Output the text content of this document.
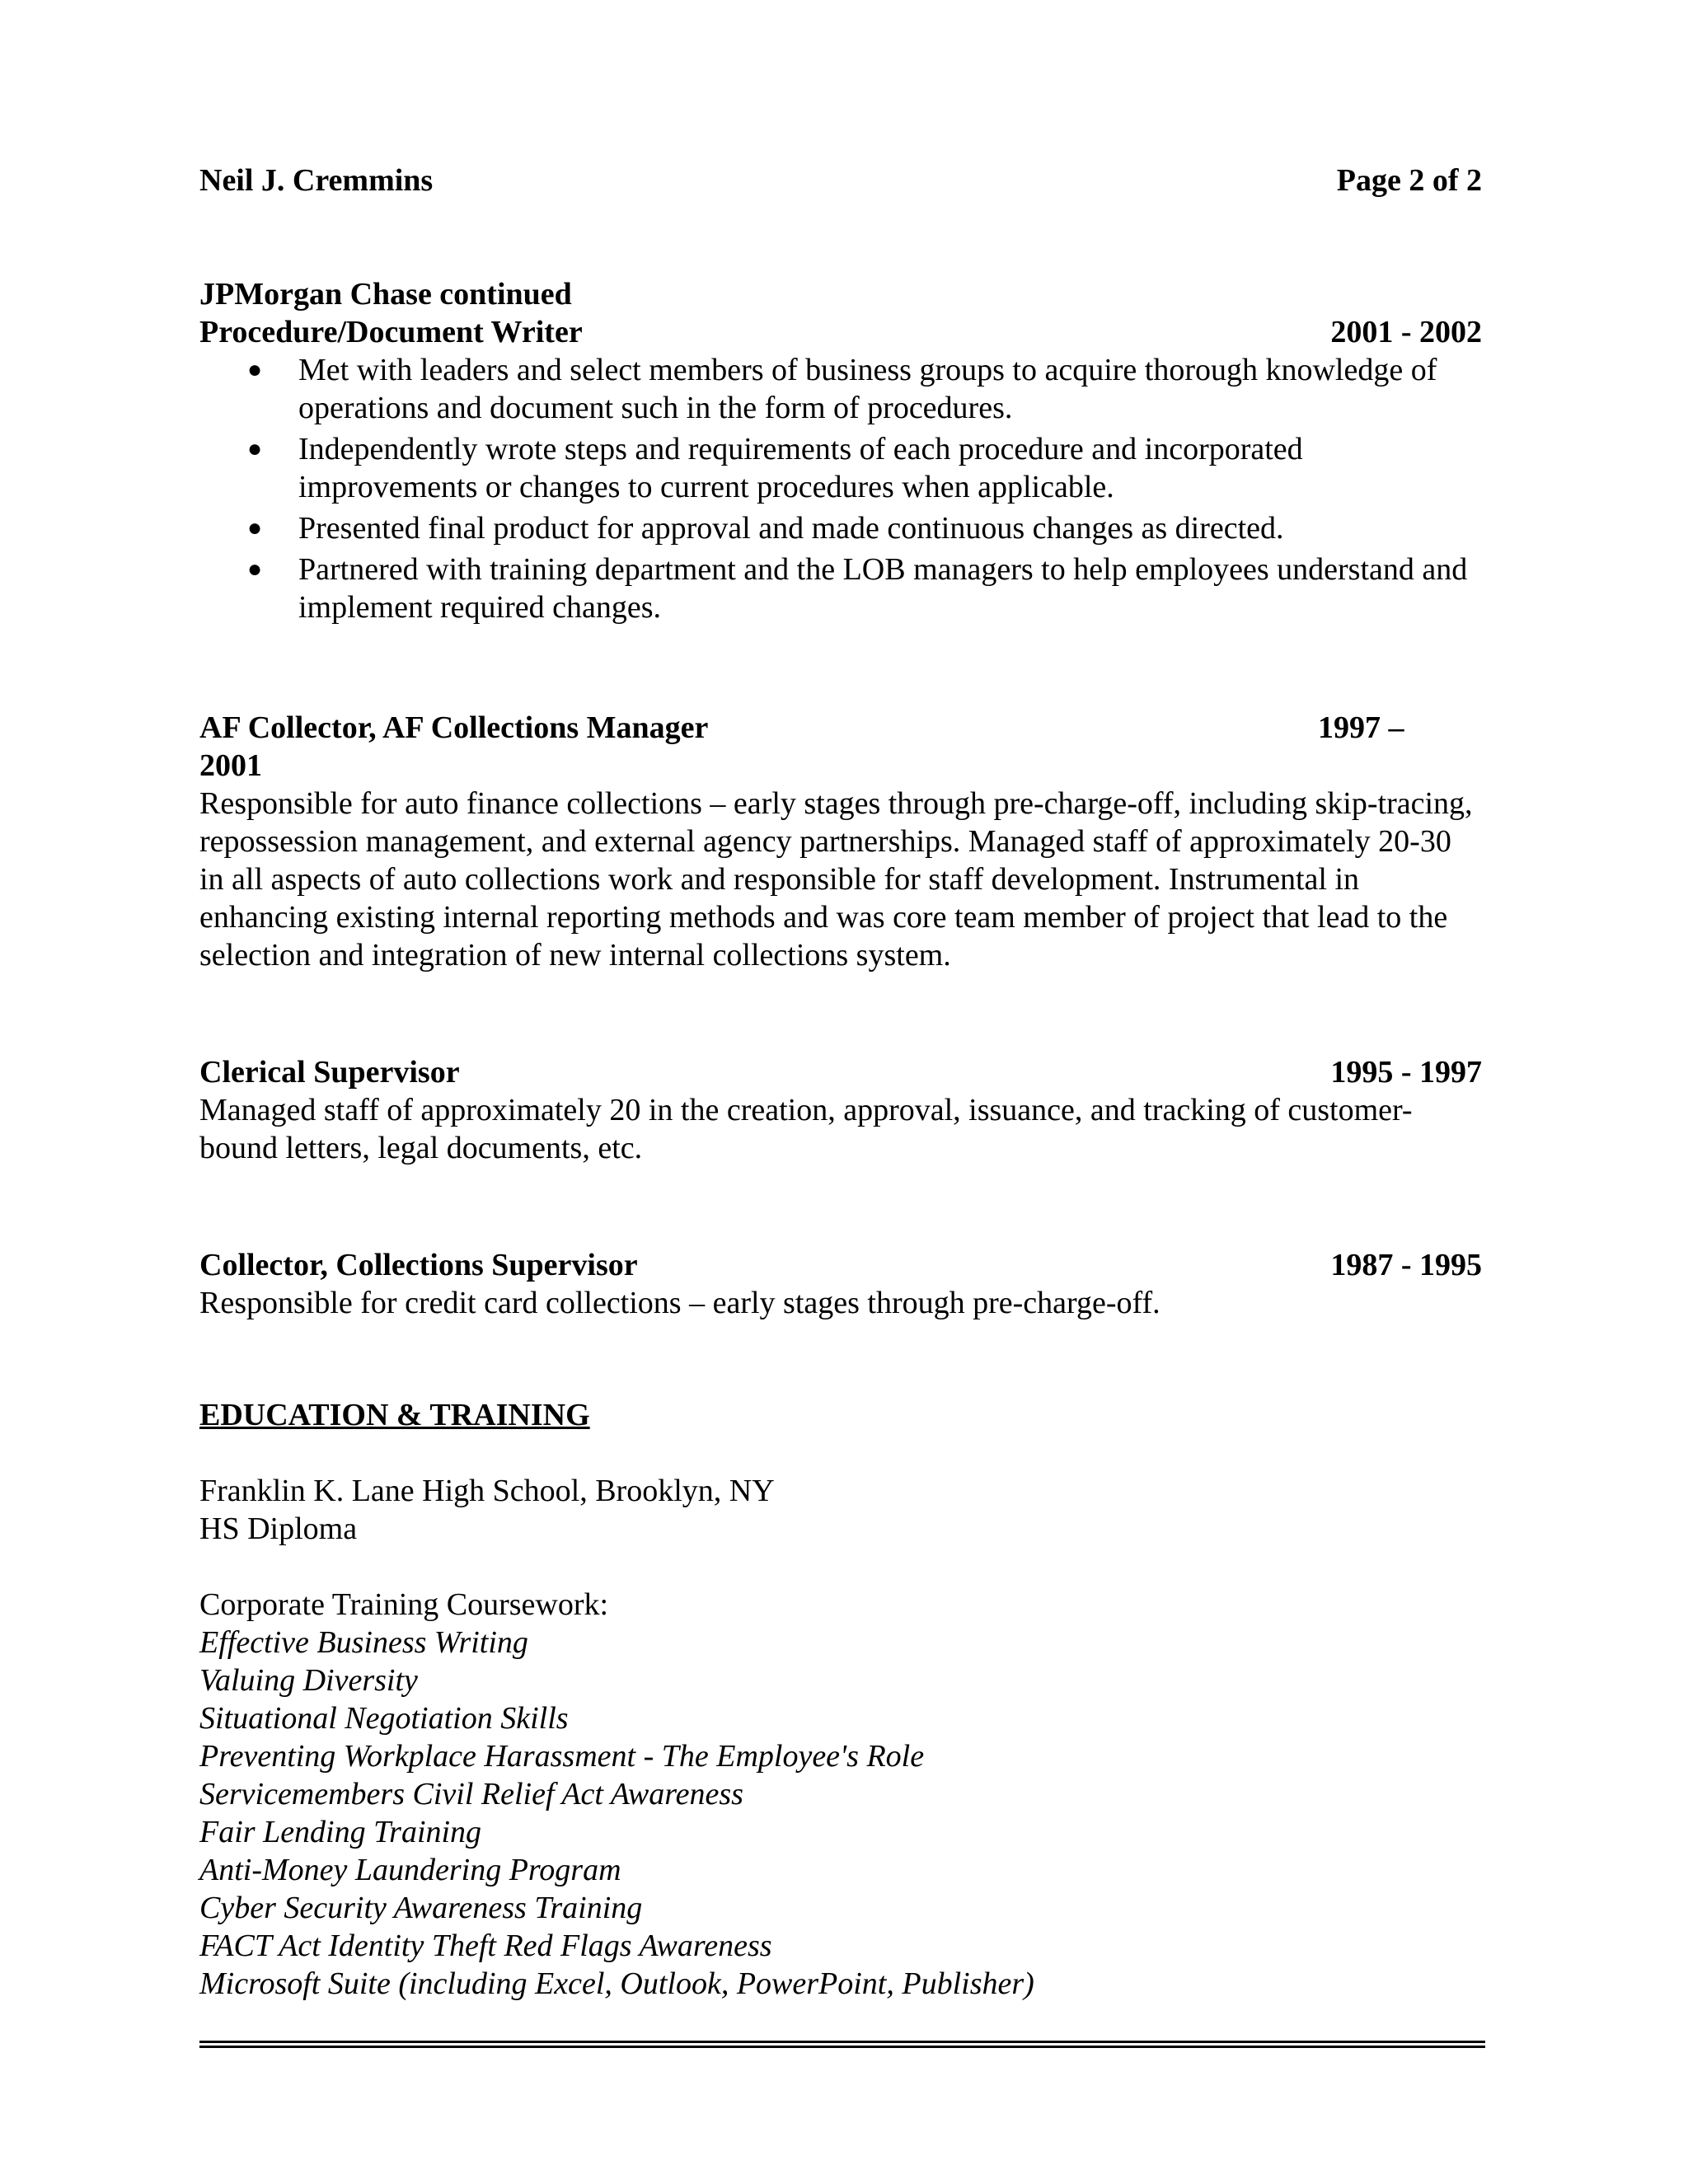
Neil J. Cremmins	Page 2 of 2
JPMorgan Chase continued
Procedure/Document Writer	2001 - 2002
●	Met with leaders and select members of business groups to acquire thorough knowledge of operations and document such in the form of procedures.
●	Independently wrote steps and requirements of each procedure and incorporated improvements or changes to current procedures when applicable.
●	Presented final product for approval and made continuous changes as directed.
●	Partnered with training department and the LOB managers to help employees understand and implement required changes.
AF Collector, AF Collections Manager	1997 –
2001

Responsible for auto finance collections – early stages through pre-charge-off, including skip-tracing, repossession management, and external agency partnerships. Managed staff of approximately 20-30 in all aspects of auto collections work and responsible for staff development. Instrumental in enhancing existing internal reporting methods and was core team member of project that lead to the selection and integration of new internal collections system.

Clerical Supervisor	1995 - 1997

Managed staff of approximately 20 in the creation, approval, issuance, and tracking of customer-bound letters, legal documents, etc.

Collector, Collections Supervisor	1987 - 1995

Responsible for credit card collections – early stages through pre-charge-off.

EDUCATION & TRAINING
Franklin K. Lane High School, Brooklyn, NY
HS Diploma
Corporate Training Coursework:
Effective Business Writing
Valuing Diversity
Situational Negotiation Skills
Preventing Workplace Harassment - The Employee's Role
Servicemembers Civil Relief Act Awareness
Fair Lending Training
Anti-Money Laundering Program
Cyber Security Awareness Training
FACT Act Identity Theft Red Flags Awareness
Microsoft Suite (including Excel, Outlook, PowerPoint, Publisher)
